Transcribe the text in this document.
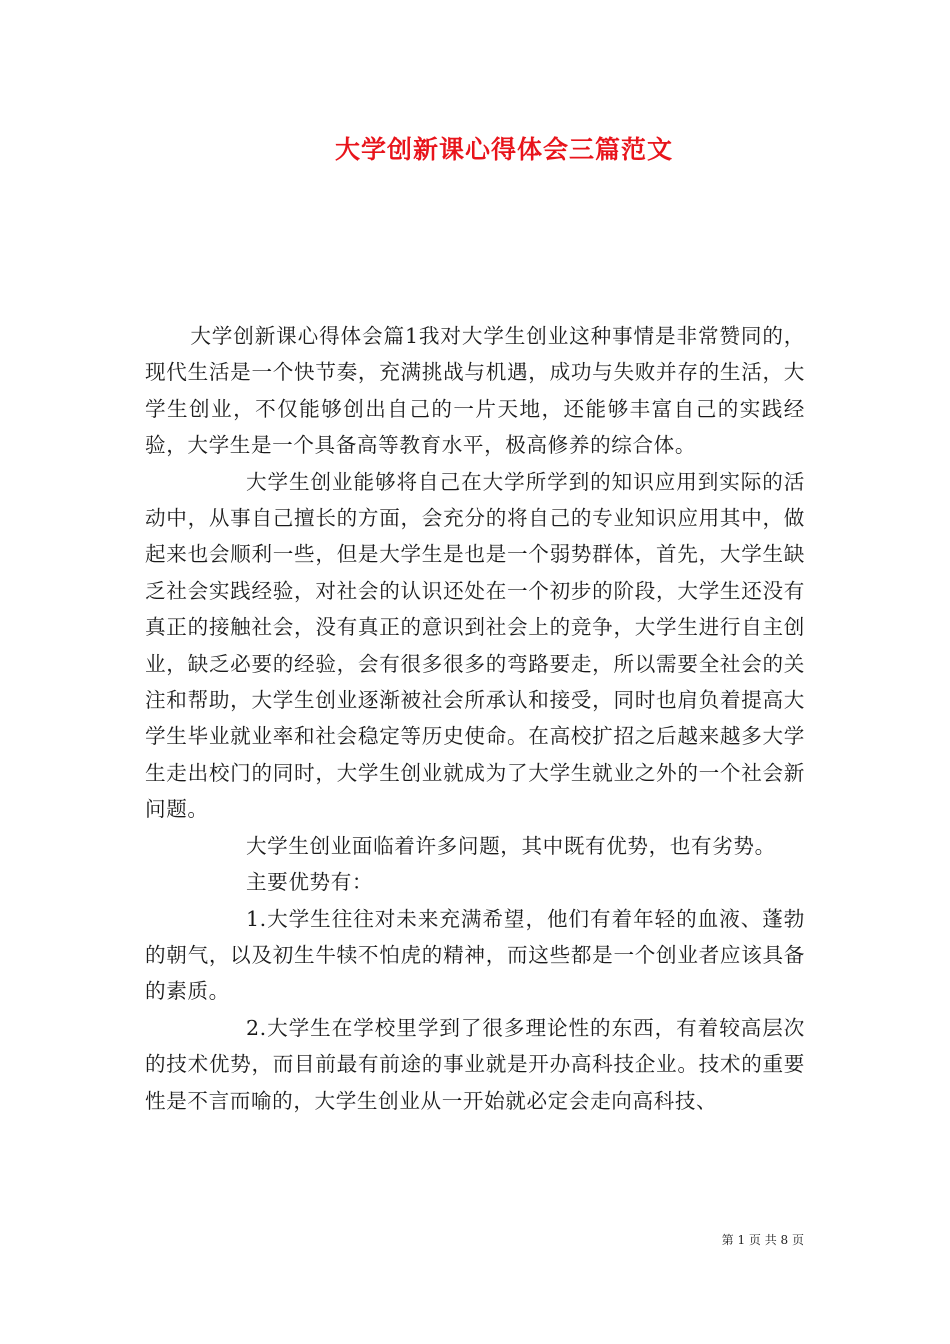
大学创新课心得体会三篇范文

大学创新课心得体会篇1我对大学生创业这种事情是非常赞同的，现代生活是一个快节奏，充满挑战与机遇，成功与失败并存的生活，大学生创业，不仅能够创出自己的一片天地，还能够丰富自己的实践经验，大学生是一个具备高等教育水平，极高修养的综合体。

大学生创业能够将自己在大学所学到的知识应用到实际的活动中，从事自己擅长的方面，会充分的将自己的专业知识应用其中，做起来也会顺利一些，但是大学生是也是一个弱势群体，首先，大学生缺乏社会实践经验，对社会的认识还处在一个初步的阶段，大学生还没有真正的接触社会，没有真正的意识到社会上的竞争，大学生进行自主创业，缺乏必要的经验，会有很多很多的弯路要走，所以需要全社会的关注和帮助，大学生创业逐渐被社会所承认和接受，同时也肩负着提高大学生毕业就业率和社会稳定等历史使命。在高校扩招之后越来越多大学生走出校门的同时，大学生创业就成为了大学生就业之外的一个社会新问题。

大学生创业面临着许多问题，其中既有优势，也有劣势。

主要优势有：

1.大学生往往对未来充满希望，他们有着年轻的血液、蓬勃的朝气，以及初生牛犊不怕虎的精神，而这些都是一个创业者应该具备的素质。

2.大学生在学校里学到了很多理论性的东西，有着较高层次的技术优势，而目前最有前途的事业就是开办高科技企业。技术的重要性是不言而喻的，大学生创业从一开始就必定会走向高科技、

第 1 页 共 8 页
